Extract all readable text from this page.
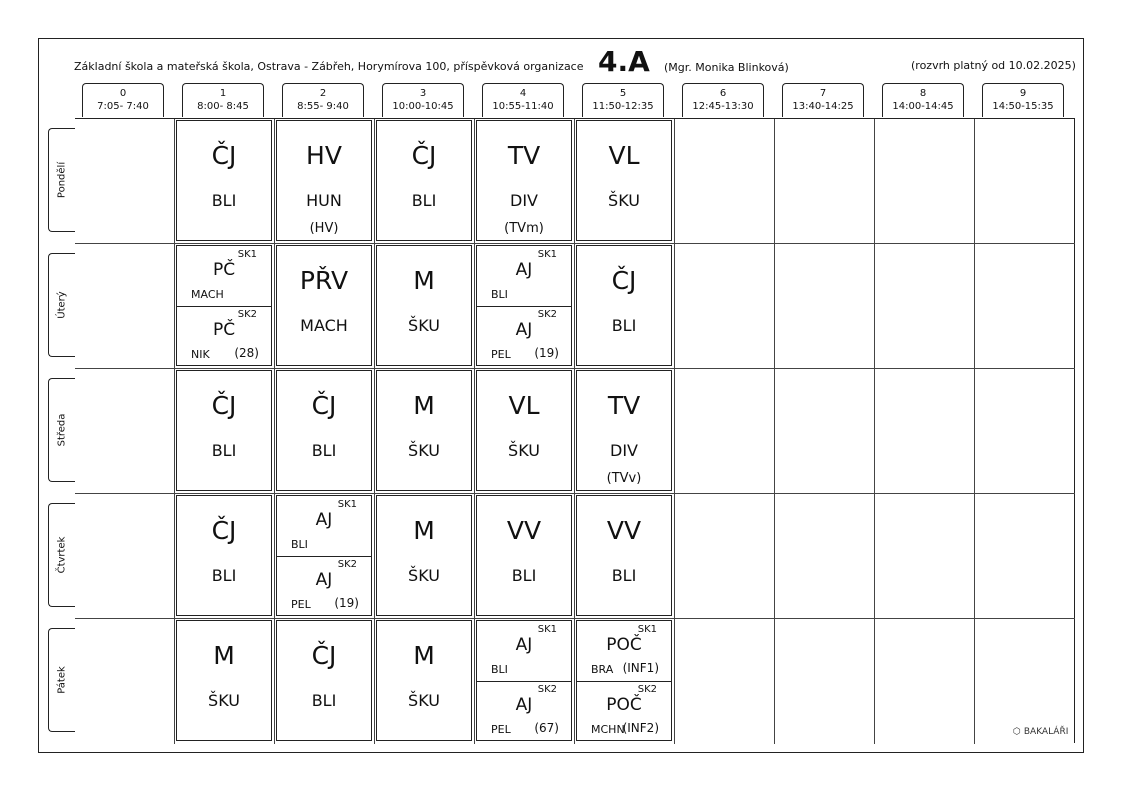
Základní škola a mateřská škola, Ostrava - Zábřeh, Horymírova 100, příspěvková organizace 4.A (Mgr. Monika Blinková)	(rozvrh platný od 10.02.2025)
0
7:05- 7:40
1
8:00- 8:45
2
8:55- 9:40
3
10:00-10:45
4
10:55-11:40
5
11:50-12:35
6
12:45-13:30
7
13:40-14:25
8
14:00-14:45
9
14:50-15:35
Pondělí
Úterý
Středa
Čtvrtek
Pátek
ČJ
BLI
HV
HUN
(HV)
ČJ
BLI
TV
DIV
(TVm)
VL
ŠKU
SK1
PČ
MACH
SK2
PČ
NIK (28)
PŘV
MACH
M
ŠKU
SK1
AJ
BLI
SK2
AJ
PEL (19)
ČJ
BLI
ČJ
BLI
ČJ
BLI
M
ŠKU
VL
ŠKU
TV
DIV
(TVv)
ČJ
BLI
SK1
AJ
BLI
SK2
AJ
PEL (19)
M
ŠKU
VV
BLI
VV
BLI
M
ŠKU
ČJ
BLI
M
ŠKU
SK1
AJ
BLI
SK2
AJ
PEL (67)
SK1
POČ
BRA (INF1)
SK2
POČ
MCHN
(INF2)	⬡ BAKALÁŘI
